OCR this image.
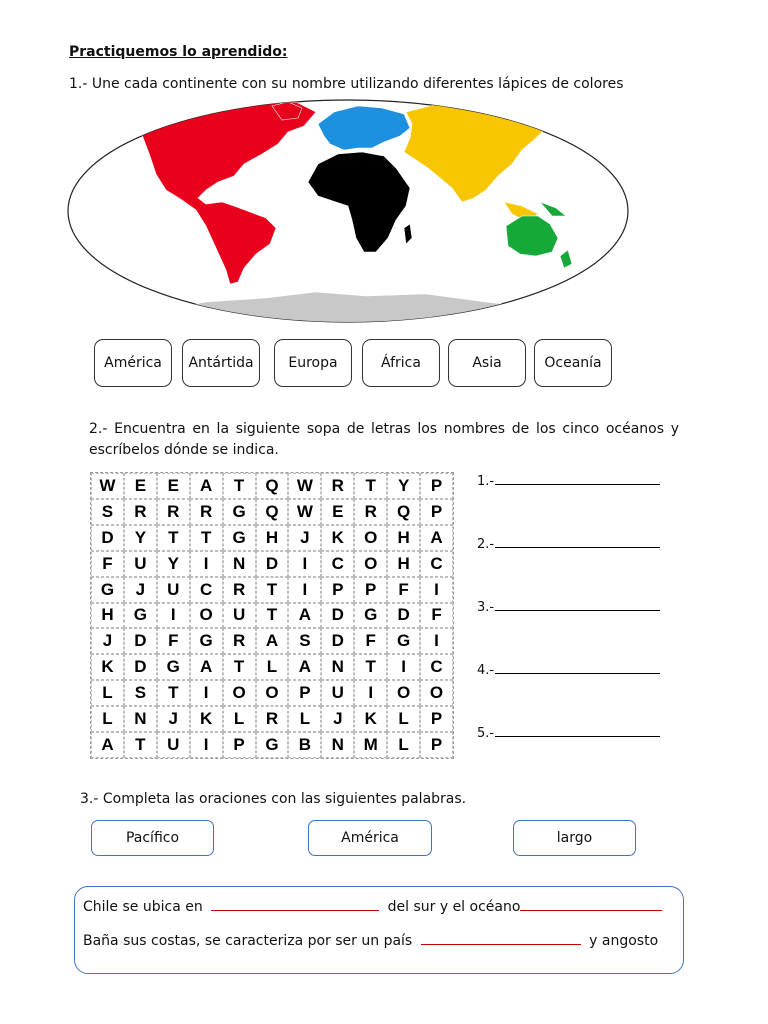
Practiquemos lo aprendido:
1.- Une cada continente con su nombre utilizando diferentes lápices de colores
América	Antártida	Europa	África	Asia	Oceanía
2.- Encuentra en la siguiente sopa de letras los nombres de los cinco océanos y escríbelos dónde se indica.
W	E	E	A	T	Q	W	R	T	Y	P
S	R	R	R	G	Q	W	E	R	Q	P
D	Y	T	T	G	H	J	K	O	H	A
F	U	Y	I	N	D	I	C	O	H	C
G	J	U	C	R	T	I	P	P	F	I
H	G	I	O	U	T	A	D	G	D	F
J	D	F	G	R	A	S	D	F	G	I
K	D	G	A	T	L	A	N	T	I	C
L	S	T	I	O	O	P	U	I	O	O
L	N	J	K	L	R	L	J	K	L	P
A	T	U	I	P	G	B	N	M	L	P
1.-
2.-
3.-
4.-
5.-
3.- Completa las oraciones con las siguientes palabras.
Pacífico	América	largo
Chile se ubica en	del sur y el océano
Baña sus costas, se caracteriza por ser un país	y angosto
